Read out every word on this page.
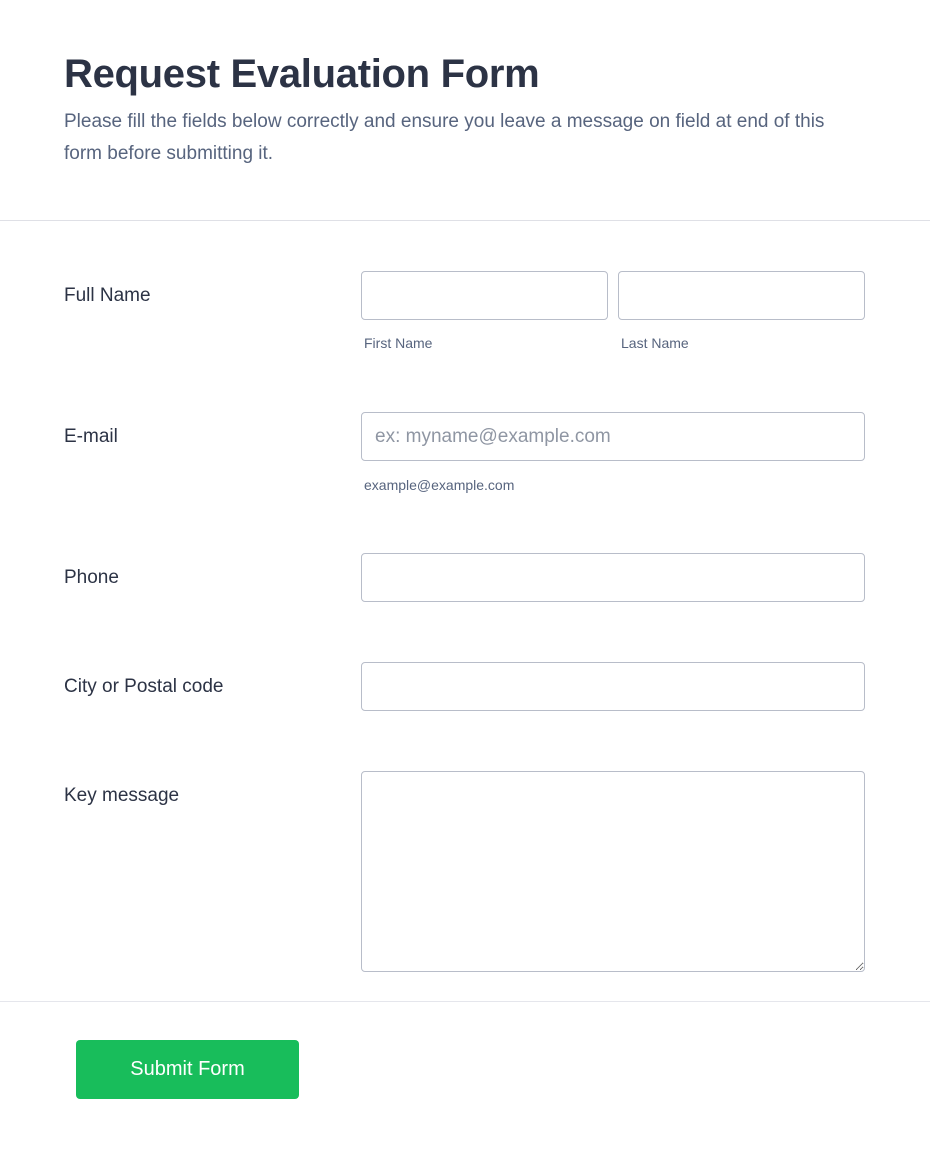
Request Evaluation Form

Please fill the fields below correctly and ensure you leave a message on field at end of this form before submitting it.

Full Name
First Name	Last Name
E-mail
ex: myname@example.com
example@example.com
Phone
City or Postal code
Key message
Submit Form
